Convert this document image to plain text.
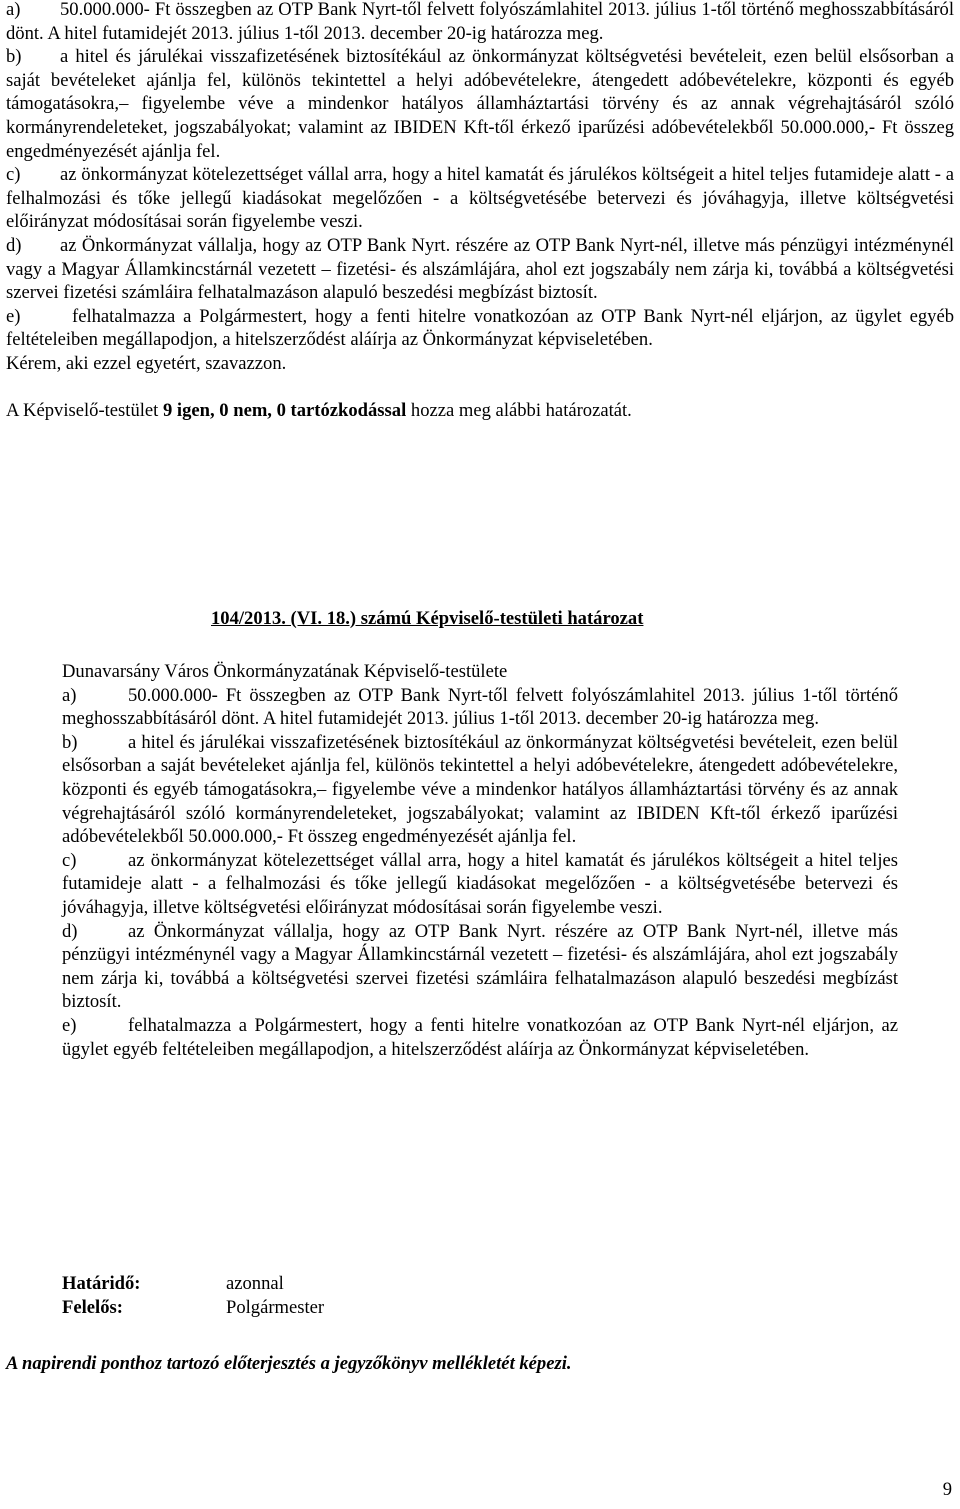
a) 50.000.000- Ft összegben az OTP Bank Nyrt-től felvett folyószámlahitel 2013. július 1-től történő meghosszabbításáról dönt. A hitel futamidejét 2013. július 1-től 2013. december 20-ig határozza meg.

b) a hitel és járulékai visszafizetésének biztosítékául az önkormányzat költségvetési bevételeit, ezen belül elsősorban a saját bevételeket ajánlja fel, különös tekintettel a helyi adóbevételekre, átengedett adóbevételekre, központi és egyéb támogatásokra,– figyelembe véve a mindenkor hatályos államháztartási törvény és az annak végrehajtásáról szóló kormányrendeleteket, jogszabályokat; valamint az IBIDEN Kft-től érkező iparűzési adóbevételekből 50.000.000,- Ft összeg engedményezését ajánlja fel.

c) az önkormányzat kötelezettséget vállal arra, hogy a hitel kamatát és járulékos költségeit a hitel teljes futamideje alatt - a felhalmozási és tőke jellegű kiadásokat megelőzően - a költségvetésébe betervezi és jóváhagyja, illetve költségvetési előirányzat módosításai során figyelembe veszi.

d) az Önkormányzat vállalja, hogy az OTP Bank Nyrt. részére az OTP Bank Nyrt-nél, illetve más pénzügyi intézménynél vagy a Magyar Államkincstárnál vezetett – fizetési- és alszámlájára, ahol ezt jogszabály nem zárja ki, továbbá a költségvetési szervei fizetési számláira felhatalmazáson alapuló beszedési megbízást biztosít.

e)	felhatalmazza a Polgármestert, hogy a fenti hitelre vonatkozóan az OTP Bank Nyrt-nél eljárjon, az ügylet egyéb feltételeiben megállapodjon, a hitelszerződést aláírja az Önkormányzat képviseletében.

Kérem, aki ezzel egyetért, szavazzon.

A Képviselő-testület 9 igen, 0 nem, 0 tartózkodással hozza meg alábbi határozatát.

104/2013. (VI. 18.) számú Képviselő-testületi határozat

Dunavarsány Város Önkormányzatának Képviselő-testülete

a)	50.000.000- Ft összegben az OTP Bank Nyrt-től felvett folyószámlahitel 2013. július 1-től történő meghosszabbításáról dönt. A hitel futamidejét 2013. július 1-től 2013. december 20-ig határozza meg.

b)	a hitel és járulékai visszafizetésének biztosítékául az önkormányzat költségvetési bevételeit, ezen belül elsősorban a saját bevételeket ajánlja fel, különös tekintettel a helyi adóbevételekre, átengedett adóbevételekre, központi és egyéb támogatásokra,– figyelembe véve a mindenkor hatályos államháztartási törvény és az annak végrehajtásáról szóló kormányrendeleteket, jogszabályokat; valamint az IBIDEN Kft-től érkező iparűzési adóbevételekből 50.000.000,- Ft összeg engedményezését ajánlja fel.

c)	az önkormányzat kötelezettséget vállal arra, hogy a hitel kamatát és járulékos költségeit a hitel teljes futamideje alatt - a felhalmozási és tőke jellegű kiadásokat megelőzően - a költségvetésébe betervezi és jóváhagyja, illetve költségvetési előirányzat módosításai során figyelembe veszi.

d)	az Önkormányzat vállalja, hogy az OTP Bank Nyrt. részére az OTP Bank Nyrt-nél, illetve más pénzügyi intézménynél vagy a Magyar Államkincstárnál vezetett – fizetési- és alszámlájára, ahol ezt jogszabály nem zárja ki, továbbá a költségvetési szervei fizetési számláira felhatalmazáson alapuló beszedési megbízást biztosít.

e)	felhatalmazza a Polgármestert, hogy a fenti hitelre vonatkozóan az OTP Bank Nyrt-nél eljárjon, az ügylet egyéb feltételeiben megállapodjon, a hitelszerződést aláírja az Önkormányzat képviseletében.

Határidő:	azonnal
Felelős:	Polgármester
A napirendi ponthoz tartozó előterjesztés a jegyzőkönyv mellékletét képezi.
9
